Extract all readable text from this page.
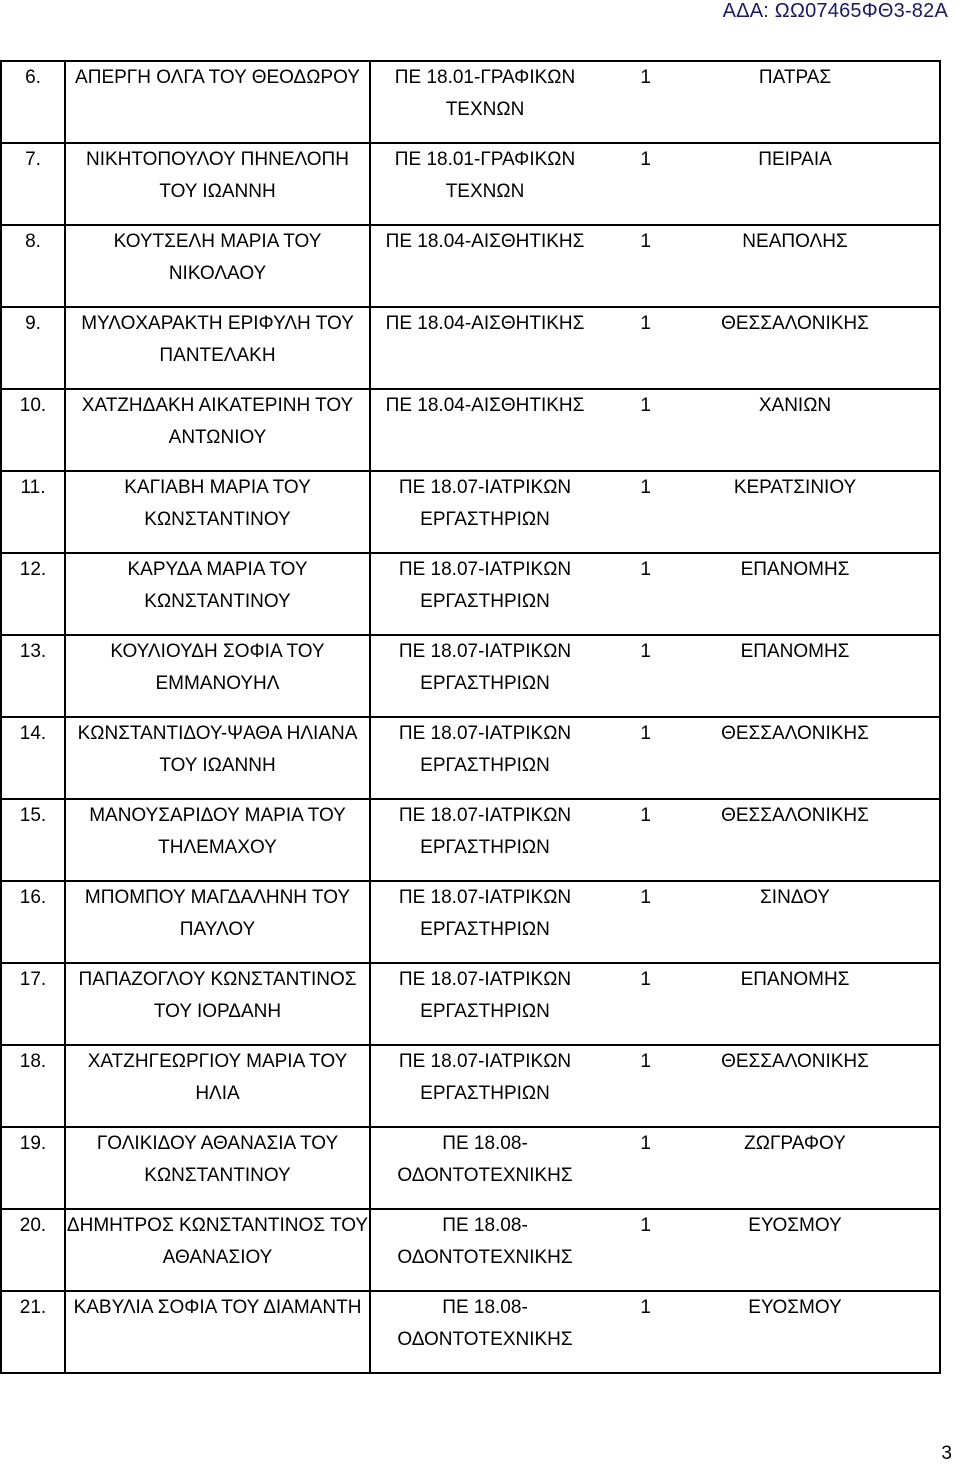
ΑΔΑ: ΩΩ07465ΦΘ3-82Α
6.	ΑΠΕΡΓΗ ΟΛΓΑ ΤΟΥ ΘΕΟΔΩΡΟΥ	ΠΕ 18.01-ΓΡΑΦΙΚΩΝ ΤΕΧΝΩΝ	1	ΠΑΤΡΑΣ
7.	ΝΙΚΗΤΟΠΟΥΛΟΥ ΠΗΝΕΛΟΠΗ ΤΟΥ ΙΩΑΝΝΗ	ΠΕ 18.01-ΓΡΑΦΙΚΩΝ ΤΕΧΝΩΝ	1	ΠΕΙΡΑΙΑ
8.	ΚΟΥΤΣΕΛΗ ΜΑΡΙΑ ΤΟΥ ΝΙΚΟΛΑΟΥ	ΠΕ 18.04-ΑΙΣΘΗΤΙΚΗΣ	1	ΝΕΑΠΟΛΗΣ
9.	ΜΥΛΟΧΑΡΑΚΤΗ ΕΡΙΦΥΛΗ ΤΟΥ ΠΑΝΤΕΛΑΚΗ	ΠΕ 18.04-ΑΙΣΘΗΤΙΚΗΣ	1	ΘΕΣΣΑΛΟΝΙΚΗΣ
10.	ΧΑΤΖΗΔΑΚΗ ΑΙΚΑΤΕΡΙΝΗ ΤΟΥ ΑΝΤΩΝΙΟΥ	ΠΕ 18.04-ΑΙΣΘΗΤΙΚΗΣ	1	ΧΑΝΙΩΝ
11.	ΚΑΓΙΑΒΗ ΜΑΡΙΑ ΤΟΥ ΚΩΝΣΤΑΝΤΙΝΟΥ	ΠΕ 18.07-ΙΑΤΡΙΚΩΝ ΕΡΓΑΣΤΗΡΙΩΝ	1	ΚΕΡΑΤΣΙΝΙΟΥ
12.	ΚΑΡΥΔΑ ΜΑΡΙΑ ΤΟΥ ΚΩΝΣΤΑΝΤΙΝΟΥ	ΠΕ 18.07-ΙΑΤΡΙΚΩΝ ΕΡΓΑΣΤΗΡΙΩΝ	1	ΕΠΑΝΟΜΗΣ
13.	ΚΟΥΛΙΟΥΔΗ ΣΟΦΙΑ ΤΟΥ ΕΜΜΑΝΟΥΗΛ	ΠΕ 18.07-ΙΑΤΡΙΚΩΝ ΕΡΓΑΣΤΗΡΙΩΝ	1	ΕΠΑΝΟΜΗΣ
14.	ΚΩΝΣΤΑΝΤΙΔΟΥ-ΨΑΘΑ ΗΛΙΑΝΑ ΤΟΥ ΙΩΑΝΝΗ	ΠΕ 18.07-ΙΑΤΡΙΚΩΝ ΕΡΓΑΣΤΗΡΙΩΝ	1	ΘΕΣΣΑΛΟΝΙΚΗΣ
15.	ΜΑΝΟΥΣΑΡΙΔΟΥ ΜΑΡΙΑ ΤΟΥ ΤΗΛΕΜΑΧΟΥ	ΠΕ 18.07-ΙΑΤΡΙΚΩΝ ΕΡΓΑΣΤΗΡΙΩΝ	1	ΘΕΣΣΑΛΟΝΙΚΗΣ
16.	ΜΠΟΜΠΟΥ ΜΑΓΔΑΛΗΝΗ ΤΟΥ ΠΑΥΛΟΥ	ΠΕ 18.07-ΙΑΤΡΙΚΩΝ ΕΡΓΑΣΤΗΡΙΩΝ	1	ΣΙΝΔΟΥ
17.	ΠΑΠΑΖΟΓΛΟΥ ΚΩΝΣΤΑΝΤΙΝΟΣ ΤΟΥ ΙΟΡΔΑΝΗ	ΠΕ 18.07-ΙΑΤΡΙΚΩΝ ΕΡΓΑΣΤΗΡΙΩΝ	1	ΕΠΑΝΟΜΗΣ
18.	ΧΑΤΖΗΓΕΩΡΓΙΟΥ ΜΑΡΙΑ ΤΟΥ ΗΛΙΑ	ΠΕ 18.07-ΙΑΤΡΙΚΩΝ ΕΡΓΑΣΤΗΡΙΩΝ	1	ΘΕΣΣΑΛΟΝΙΚΗΣ
19.	ΓΟΛΙΚΙΔΟΥ ΑΘΑΝΑΣΙΑ ΤΟΥ ΚΩΝΣΤΑΝΤΙΝΟΥ	ΠΕ 18.08-ΟΔΟΝΤΟΤΕΧΝΙΚΗΣ	1	ΖΩΓΡΑΦΟΥ
20.	ΔΗΜΗΤΡΟΣ ΚΩΝΣΤΑΝΤΙΝΟΣ ΤΟΥ ΑΘΑΝΑΣΙΟΥ	ΠΕ 18.08-ΟΔΟΝΤΟΤΕΧΝΙΚΗΣ	1	ΕΥΟΣΜΟΥ
21.	ΚΑΒΥΛΙΑ ΣΟΦΙΑ ΤΟΥ ΔΙΑΜΑΝΤΗ	ΠΕ 18.08-ΟΔΟΝΤΟΤΕΧΝΙΚΗΣ	1	ΕΥΟΣΜΟΥ
3
